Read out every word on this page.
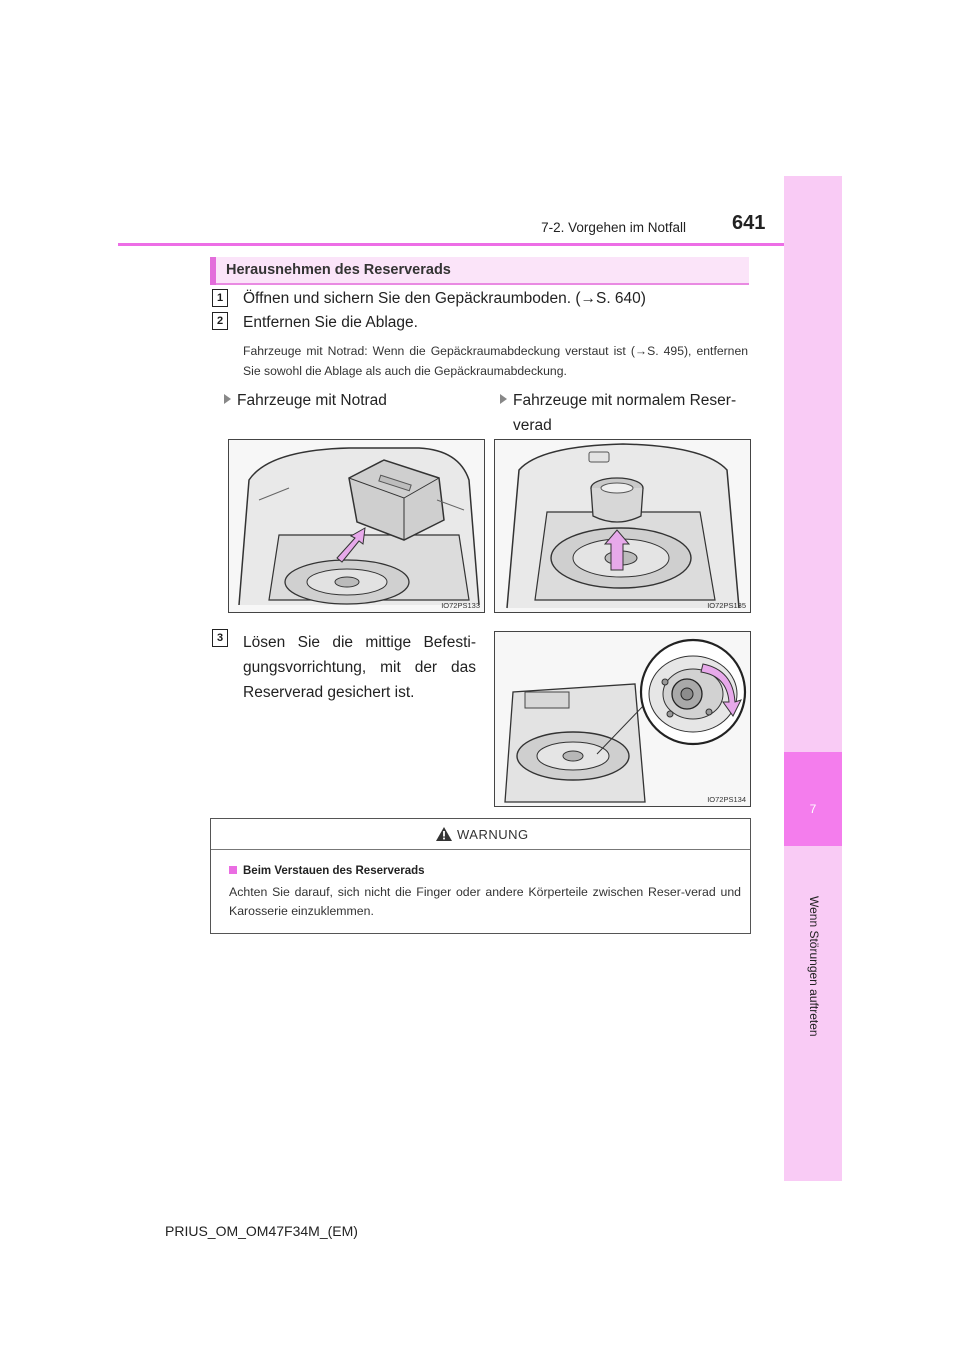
7
Wenn Störungen auftreten
7-2. Vorgehen im Notfall 641
Herausnehmen des Reserverads
1	Öffnen und sichern Sie den Gepäckraumboden. (→S. 640)
2	Entfernen Sie die Ablage.
Fahrzeuge mit Notrad: Wenn die Gepäckraumabdeckung verstaut ist (→S. 495), entfernen Sie sowohl die Ablage als auch die Gepäckraumabdeckung.
Fahrzeuge mit Notrad	Fahrzeuge mit normalem Reser-
verad
IO72PS133	IO72PS135
3	Lösen Sie die mittige Befesti-
gungsvorrichtung, mit der das
Reserverad gesichert ist.
IO72PS134
WARNUNG
Beim Verstauen des Reserverads
Achten Sie darauf, sich nicht die Finger oder andere Körperteile zwischen Reser-verad und Karosserie einzuklemmen.
PRIUS_OM_OM47F34M_(EM)
